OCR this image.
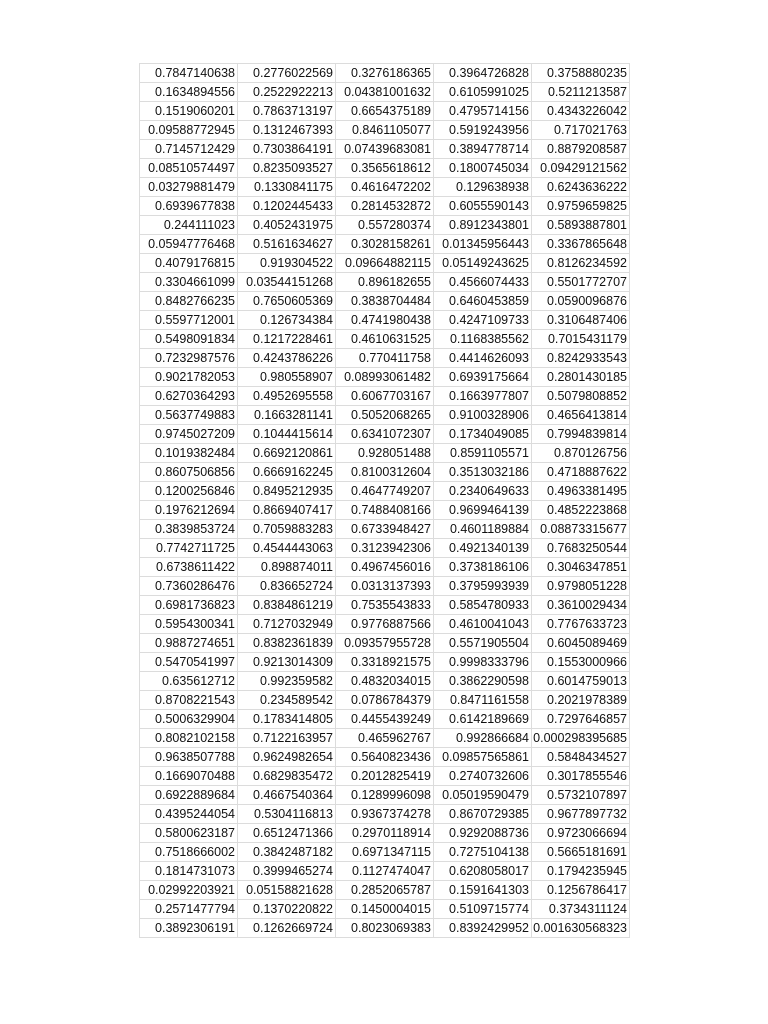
0.7847140638	0.2776022569	0.3276186365	0.3964726828	0.3758880235
0.1634894556	0.2522922213	0.04381001632	0.6105991025	0.5211213587
0.1519060201	0.7863713197	0.6654375189	0.4795714156	0.4343226042
0.09588772945	0.1312467393	0.8461105077	0.5919243956	0.717021763
0.7145712429	0.7303864191	0.07439683081	0.3894778714	0.8879208587
0.08510574497	0.8235093527	0.3565618612	0.1800745034	0.09429121562
0.03279881479	0.1330841175	0.4616472202	0.129638938	0.6243636222
0.6939677838	0.1202445433	0.2814532872	0.6055590143	0.9759659825
0.244111023	0.4052431975	0.557280374	0.8912343801	0.5893887801
0.05947776468	0.5161634627	0.3028158261	0.01345956443	0.3367865648
0.4079176815	0.919304522	0.09664882115	0.05149243625	0.8126234592
0.3304661099	0.03544151268	0.896182655	0.4566074433	0.5501772707
0.8482766235	0.7650605369	0.3838704484	0.6460453859	0.0590096876
0.5597712001	0.126734384	0.4741980438	0.4247109733	0.3106487406
0.5498091834	0.1217228461	0.4610631525	0.1168385562	0.7015431179
0.7232987576	0.4243786226	0.770411758	0.4414626093	0.8242933543
0.9021782053	0.980558907	0.08993061482	0.6939175664	0.2801430185
0.6270364293	0.4952695558	0.6067703167	0.1663977807	0.5079808852
0.5637749883	0.1663281141	0.5052068265	0.9100328906	0.4656413814
0.9745027209	0.1044415614	0.6341072307	0.1734049085	0.7994839814
0.1019382484	0.6692120861	0.928051488	0.8591105571	0.870126756
0.8607506856	0.6669162245	0.8100312604	0.3513032186	0.4718887622
0.1200256846	0.8495212935	0.4647749207	0.2340649633	0.4963381495
0.1976212694	0.8669407417	0.7488408166	0.9699464139	0.4852223868
0.3839853724	0.7059883283	0.6733948427	0.4601189884	0.08873315677
0.7742711725	0.4544443063	0.3123942306	0.4921340139	0.7683250544
0.6738611422	0.898874011	0.4967456016	0.3738186106	0.3046347851
0.7360286476	0.836652724	0.0313137393	0.3795993939	0.9798051228
0.6981736823	0.8384861219	0.7535543833	0.5854780933	0.3610029434
0.5954300341	0.7127032949	0.9776887566	0.4610041043	0.7767633723
0.9887274651	0.8382361839	0.09357955728	0.5571905504	0.6045089469
0.5470541997	0.9213014309	0.3318921575	0.9998333796	0.1553000966
0.635612712	0.992359582	0.4832034015	0.3862290598	0.6014759013
0.8708221543	0.234589542	0.0786784379	0.8471161558	0.2021978389
0.5006329904	0.1783414805	0.4455439249	0.6142189669	0.7297646857
0.8082102158	0.7122163957	0.465962767	0.992866684	0.000298395685
0.9638507788	0.9624982654	0.5640823436	0.09857565861	0.5848434527
0.1669070488	0.6829835472	0.2012825419	0.2740732606	0.3017855546
0.6922889684	0.4667540364	0.1289996098	0.05019590479	0.5732107897
0.4395244054	0.5304116813	0.9367374278	0.8670729385	0.9677897732
0.5800623187	0.6512471366	0.2970118914	0.9292088736	0.9723066694
0.7518666002	0.3842487182	0.6971347115	0.7275104138	0.5665181691
0.1814731073	0.3999465274	0.1127474047	0.6208058017	0.1794235945
0.02992203921	0.05158821628	0.2852065787	0.1591641303	0.1256786417
0.2571477794	0.1370220822	0.1450004015	0.5109715774	0.3734311124
0.3892306191	0.1262669724	0.8023069383	0.8392429952	0.001630568323
